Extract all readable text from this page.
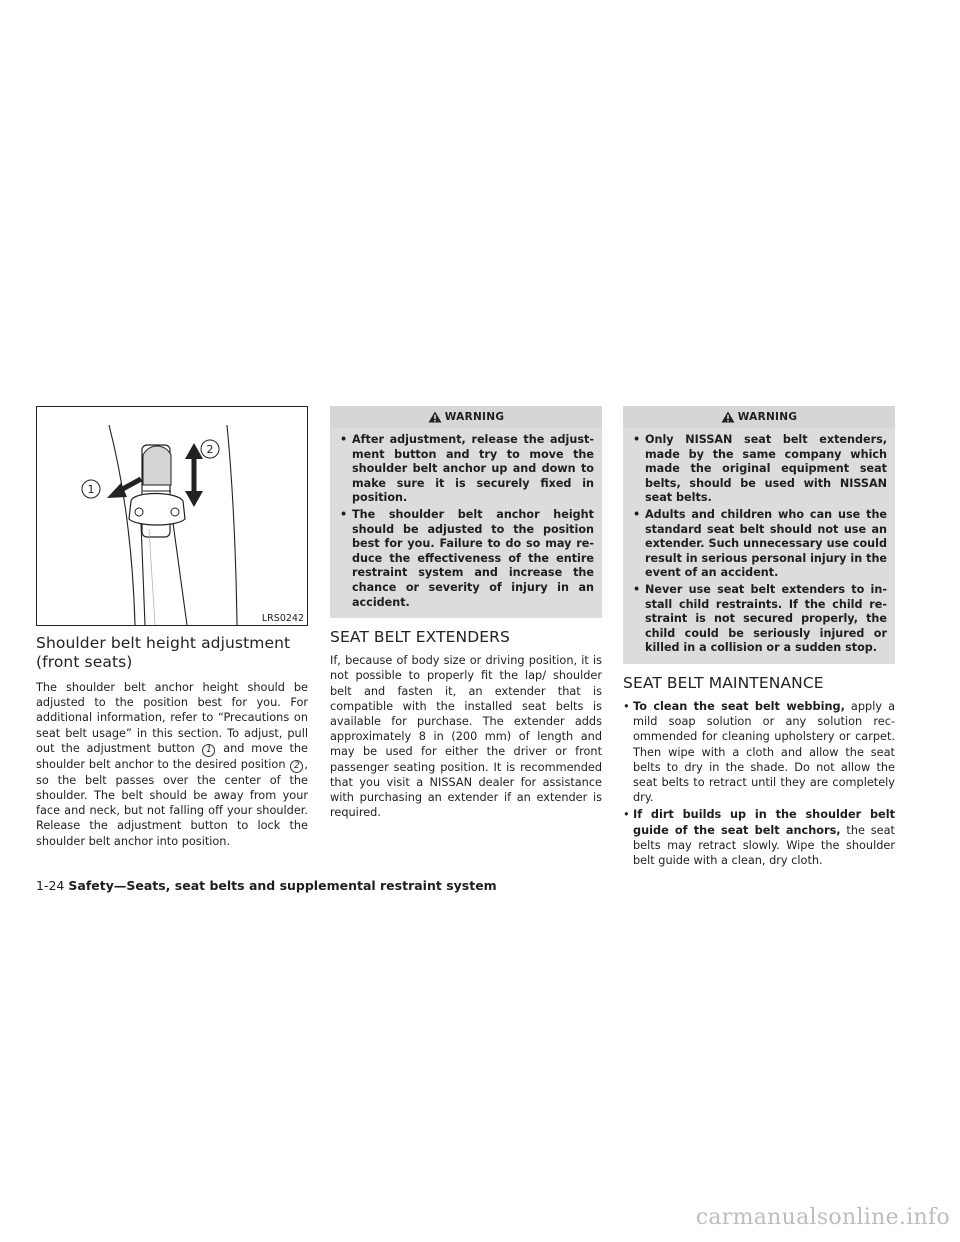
1
2
LRS0242
Shoulder belt height adjustment
(front seats)

The shoulder belt anchor height should be adjusted to the position best for you. For additional information, refer to “Precautions on seat belt usage” in this section. To adjust, pull out the adjustment button 1 and move the shoulder belt anchor to the desired position 2 , so the belt passes over the center of the shoulder. The belt should be away from your face and neck, but not falling off your shoulder. Release the adjustment button to lock the shoulder belt anchor into position.

WARNING
• After adjustment, release the adjustment button and try to move the shoulder belt anchor up and down to make sure it is securely fixed in position.
• The shoulder belt anchor height should be adjusted to the position best for you. Failure to do so may reduce the effectiveness of the entire restraint system and increase the chance or severity of injury in an accident.
SEAT BELT EXTENDERS

If, because of body size or driving position, it is not possible to properly fit the lap/ shoulder belt and fasten it, an extender that is compatible with the installed seat belts is available for purchase. The extender adds approximately 8 in (200 mm) of length and may be used for either the driver or front passenger seating position. It is recommended that you visit a NISSAN dealer for assistance with purchasing an extender if an extender is required.

WARNING
• Only NISSAN seat belt extenders, made by the same company which made the original equipment seat belts, should be used with NISSAN seat belts.
• Adults and children who can use the standard seat belt should not use an extender. Such unnecessary use could result in serious personal injury in the event of an accident.
• Never use seat belt extenders to install child restraints. If the child restraint is not secured properly, the child could be seriously injured or killed in a collision or a sudden stop.
SEAT BELT MAINTENANCE
• To clean the seat belt webbing, apply a mild soap solution or any solution recommended for cleaning upholstery or carpet. Then wipe with a cloth and allow the seat belts to dry in the shade. Do not allow the seat belts to retract until they are completely dry.
• If dirt builds up in the shoulder belt guide of the seat belt anchors, the seat belts may retract slowly. Wipe the shoulder belt guide with a clean, dry cloth.
1-24 Safety—Seats, seat belts and supplemental restraint system
carmanualsonline.info
